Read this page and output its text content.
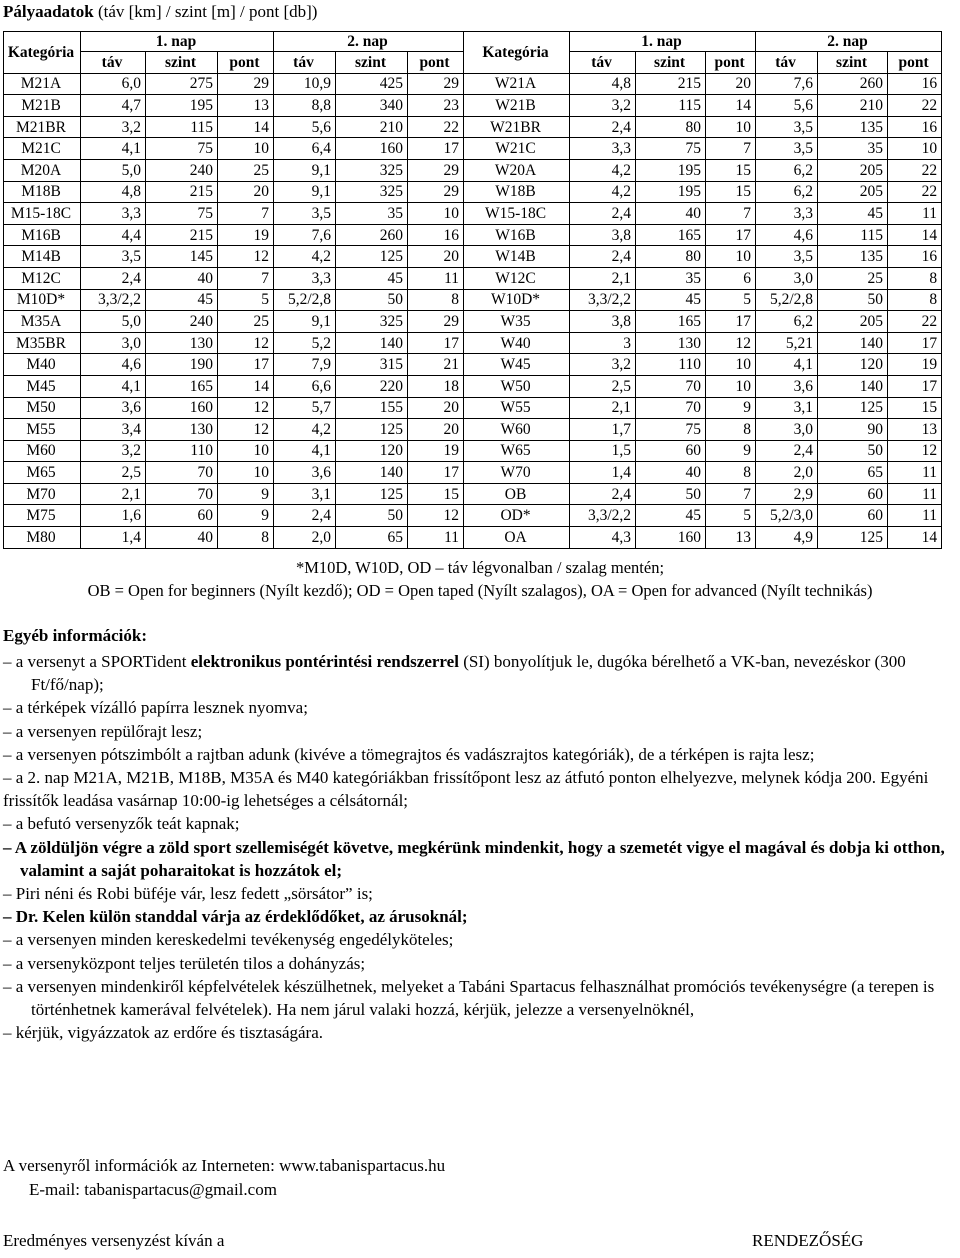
Pályaadatok (táv [km] / szint [m] / pont [db])
Kategória	1. nap			2. nap			Kategória	1. nap			2. nap		
	táv	szint	pont	táv	szint	pont		táv	szint	pont	táv	szint	pont
M21A	6,0	275	29	10,9	425	29	W21A	4,8	215	20	7,6	260	16
M21B	4,7	195	13	8,8	340	23	W21B	3,2	115	14	5,6	210	22
M21BR	3,2	115	14	5,6	210	22	W21BR	2,4	80	10	3,5	135	16
M21C	4,1	75	10	6,4	160	17	W21C	3,3	75	7	3,5	35	10
M20A	5,0	240	25	9,1	325	29	W20A	4,2	195	15	6,2	205	22
M18B	4,8	215	20	9,1	325	29	W18B	4,2	195	15	6,2	205	22
M15-18C	3,3	75	7	3,5	35	10	W15-18C	2,4	40	7	3,3	45	11
M16B	4,4	215	19	7,6	260	16	W16B	3,8	165	17	4,6	115	14
M14B	3,5	145	12	4,2	125	20	W14B	2,4	80	10	3,5	135	16
M12C	2,4	40	7	3,3	45	11	W12C	2,1	35	6	3,0	25	8
M10D*	3,3/2,2	45	5	5,2/2,8	50	8	W10D*	3,3/2,2	45	5	5,2/2,8	50	8
M35A	5,0	240	25	9,1	325	29	W35	3,8	165	17	6,2	205	22
M35BR	3,0	130	12	5,2	140	17	W40	3	130	12	5,21	140	17
M40	4,6	190	17	7,9	315	21	W45	3,2	110	10	4,1	120	19
M45	4,1	165	14	6,6	220	18	W50	2,5	70	10	3,6	140	17
M50	3,6	160	12	5,7	155	20	W55	2,1	70	9	3,1	125	15
M55	3,4	130	12	4,2	125	20	W60	1,7	75	8	3,0	90	13
M60	3,2	110	10	4,1	120	19	W65	1,5	60	9	2,4	50	12
M65	2,5	70	10	3,6	140	17	W70	1,4	40	8	2,0	65	11
M70	2,1	70	9	3,1	125	15	OB	2,4	50	7	2,9	60	11
M75	1,6	60	9	2,4	50	12	OD*	3,3/2,2	45	5	5,2/3,0	60	11
M80	1,4	40	8	2,0	65	11	OA	4,3	160	13	4,9	125	14
*M10D, W10D, OD – táv légvonalban / szalag mentén;
OB = Open for beginners (Nyílt kezdő); OD = Open taped (Nyílt szalagos), OA = Open for advanced (Nyílt technikás)
Egyéb információk:
– a versenyt a SPORTident elektronikus pontérintési rendszerrel (SI) bonyolítjuk le, dugóka bérelhető a VK-ban, nevezéskor (300 Ft/fő/nap);
– a térképek vízálló papírra lesznek nyomva;
– a versenyen repülőrajt lesz;
– a versenyen pótszimbólt a rajtban adunk (kivéve a tömegrajtos és vadászrajtos kategóriák), de a térképen is rajta lesz;
– a 2. nap M21A, M21B, M18B, M35A és M40 kategóriákban frissítőpont lesz az átfutó ponton elhelyezve, melynek kódja 200. Egyéni frissítők leadása vasárnap 10:00-ig lehetséges a célsátornál;
– a befutó versenyzők teát kapnak;
– A zöldüljön végre a zöld sport szellemiségét követve, megkérünk mindenkit, hogy a szemetét vigye el magával és dobja ki otthon, valamint a saját poharaitokat is hozzátok el;
– Piri néni és Robi büféje vár, lesz fedett „sörsátor” is;
– Dr. Kelen külön standdal várja az érdeklődőket, az árusoknál;
– a versenyen minden kereskedelmi tevékenység engedélyköteles;
– a versenyközpont teljes területén tilos a dohányzás;
– a versenyen mindenkiről képfelvételek készülhetnek, melyeket a Tabáni Spartacus felhasználhat promóciós tevékenységre (a terepen is történhetnek kamerával felvételek). Ha nem járul valaki hozzá, kérjük, jelezze a versenyelnöknél,
– kérjük, vigyázzatok az erdőre és tisztaságára.
A versenyről információk az Interneten: www.tabanispartacus.hu
E-mail: tabanispartacus@gmail.com
Eredményes versenyzést kíván a	RENDEZŐSÉG
